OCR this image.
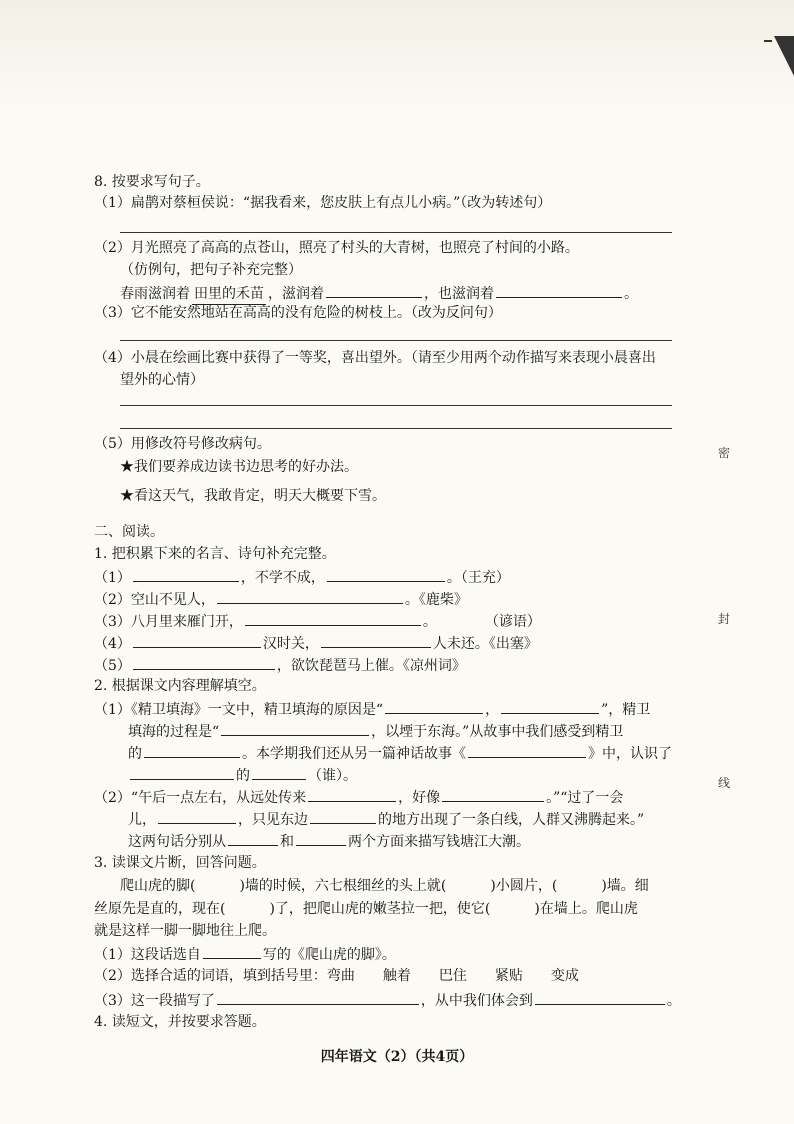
8. 按要求写句子。
（1）扁鹊对蔡桓侯说：“据我看来，您皮肤上有点儿小病。”（改为转述句）
（2）月光照亮了高高的点苍山，照亮了村头的大青树，也照亮了村间的小路。
（仿例句，把句子补充完整）
春雨滋润着 田里的禾苗 ，滋润着	，也滋润着	。
（3）它不能安然地站在高高的没有危险的树枝上。（改为反问句）
（4）小晨在绘画比赛中获得了一等奖，喜出望外。（请至少用两个动作描写来表现小晨喜出
望外的心情）
（5）用修改符号修改病句。
★我们要养成边读书边思考的好办法。
★看这天气，我敢肯定，明天大概要下雪。
二、阅读。
1. 把积累下来的名言、诗句补充完整。
（1）	，不学不成，	。（王充）
（2）空山不见人，	。《鹿柴》
（3）八月里来雁门开，	。	（谚语）
（4）	汉时关，	人未还。《出塞》
（5）	，欲饮琵琶马上催。《凉州词》
2. 根据课文内容理解填空。
（1）《精卫填海》一文中，精卫填海的原因是“	，	”，精卫
填海的过程是“	，以堙于东海。”从故事中我们感受到精卫
的	。本学期我们还从另一篇神话故事《	》中，认识了
的	（谁）。
（2）“午后一点左右，从远处传来	，好像	。”“过了一会
儿，	，只见东边	的地方出现了一条白线，人群又沸腾起来。”
这两句话分别从	和	两个方面来描写钱塘江大潮。
3. 读课文片断，回答问题。
爬山虎的脚(	)墙的时候，六七根细丝的头上就(	)小圆片，(	)墙。细
丝原先是直的，现在(	)了，把爬山虎的嫩茎拉一把，使它(	)在墙上。爬山虎
就是这样一脚一脚地往上爬。
（1）这段话选自	写的《爬山虎的脚》。
（2）选择合适的词语，填到括号里：弯曲　　触着　　巴住　　紧贴　　变成
（3）这一段描写了	，从中我们体会到	。
4. 读短文，并按要求答题。
密
封
线
四年语文（2）（共4页）
